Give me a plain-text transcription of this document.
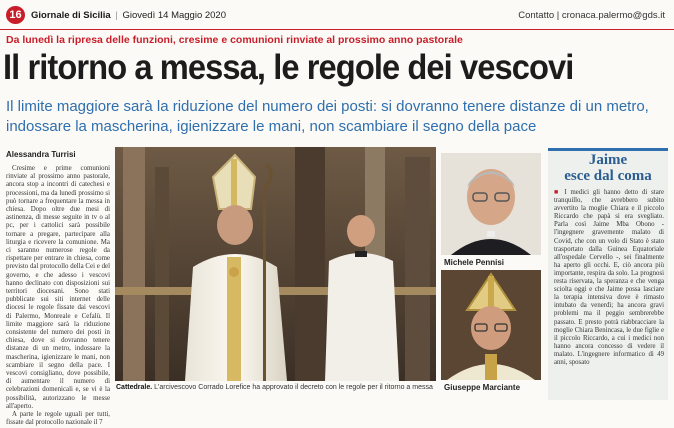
16 Giornale di Sicilia | Giovedì 14 Maggio 2020	Contatto | cronaca.palermo@gds.it
Da lunedì la ripresa delle funzioni, cresime e comunioni rinviate al prossimo anno pastorale
Il ritorno a messa, le regole dei vescovi
Il limite maggiore sarà la riduzione del numero dei posti: si dovranno tenere distanze di un metro, indossare la mascherina, igienizzare le mani, non scambiare il segno della pace
Alessandra Turrisi

Cresime e prime comunioni rinviate al prossimo anno pastorale, ancora stop a incontri di catechesi e processioni, ma da lunedì prossimo si può tornare a frequentare la messa in chiesa. Dopo oltre due mesi di astinenza, di messe seguite in tv o al pc, per i cattolici sarà possibile tornare a pregare, partecipare alla liturgia e ricevere la comunione. Ma ci saranno numerose regole da rispettare per entrare in chiesa, come previsto dal protocollo della Cei e del governo, e che adesso i vescovi hanno declinato con disposizioni sui territori diocesani. Sono stati pubblicate sui siti internet delle diocesi le regole fissate dai vescovi di Palermo, Monreale e Cefalù. Il limite maggiore sarà la riduzione consistente del numero dei posti in chiesa, dove si dovranno tenere distanze di un metro, indossare la mascherina, igienizzare le mani, non scambiare il segno della pace. I vescovi consigliano, dove possibile, di aumentare il numero di celebrazioni domenicali e, se vi è la possibilità, autorizzano le messe all'aperto.

A parte le regole uguali per tutti, fissate dal protocollo nazionale il 7

Cattedrale. L'arcivescovo Corrado Lorefice ha approvato il decreto con le regole per il ritorno a messa
Michele Pennisi
Giuseppe Marciante
Jaime
esce dal coma
■ I medici gli hanno detto di stare tranquillo, che avrebbero subito avvertito la moglie Chiara e il piccolo Riccardo che papà si era svegliato. Parla così Jaime Mba Obono - l'ingegnere gravemente malato di Covid, che con un volo di Stato è stato trasportato dalla Guinea Equatoriale all'ospedale Cervello -, sei finalmente ha aperto gli occhi. E, ciò ancora più importante, respira da solo. La prognosi resta riservata, la speranza e che venga sciolta oggi e che Jaime possa lasciare la terapia intensiva dove è rimasto intubato da venerdì; ha ancora gravi problemi ma il peggio sembrerebbe passato. E presto potrà riabbracciare la moglie Chiara Benincasa, le due figlie e il piccolo Riccardo, a cui i medici non hanno ancora concesso di vedere il malato. L'ingegnere informatico di 49 anni, sposato
